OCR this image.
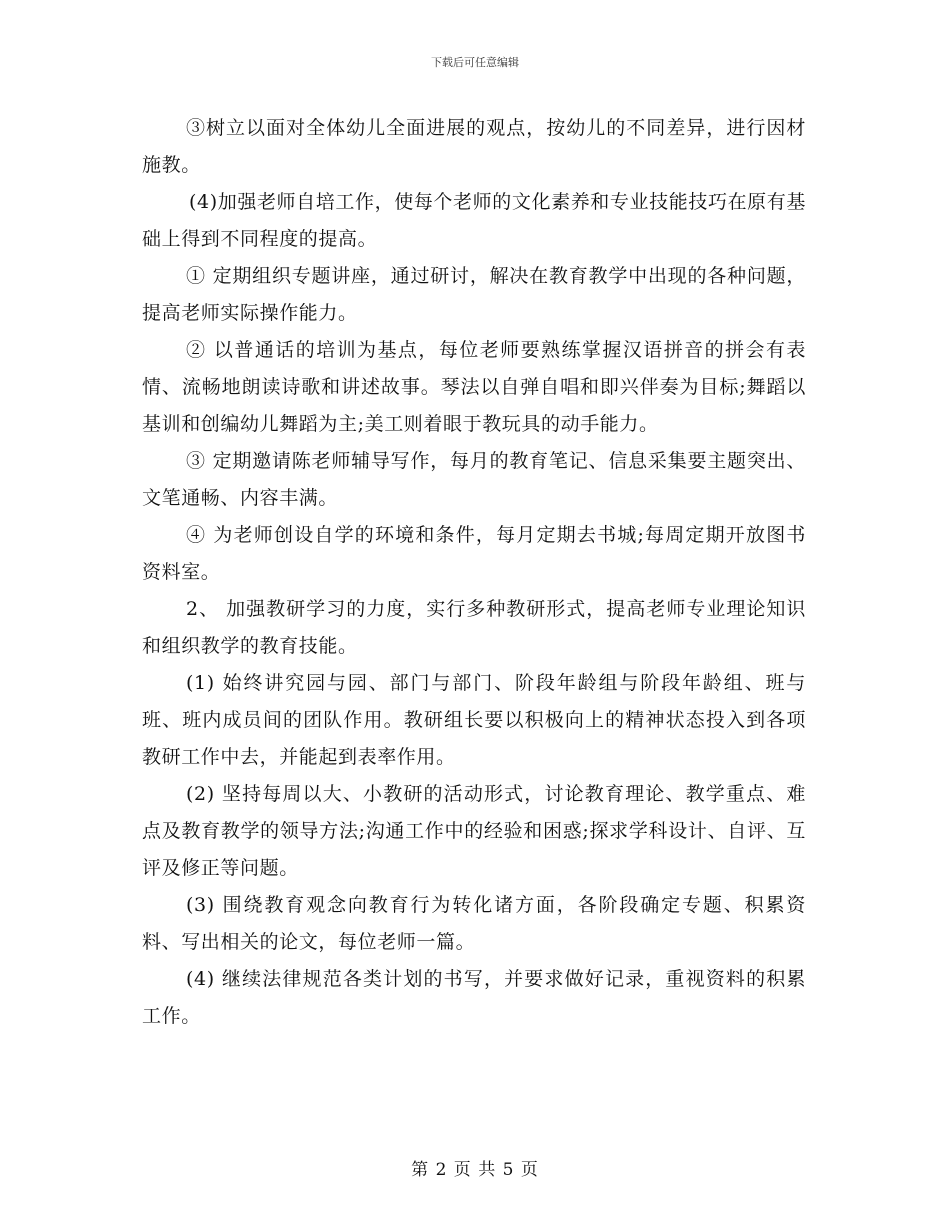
下载后可任意编辑

③树立以面对全体幼儿全面进展的观点，按幼儿的不同差异，进行因材施教。

(4)加强老师自培工作，使每个老师的文化素养和专业技能技巧在原有基础上得到不同程度的提高。

① 定期组织专题讲座，通过研讨，解决在教育教学中出现的各种问题，提高老师实际操作能力。

② 以普通话的培训为基点，每位老师要熟练掌握汉语拼音的拼会有表情、流畅地朗读诗歌和讲述故事。琴法以自弹自唱和即兴伴奏为目标;舞蹈以基训和创编幼儿舞蹈为主;美工则着眼于教玩具的动手能力。

③ 定期邀请陈老师辅导写作，每月的教育笔记、信息采集要主题突出、文笔通畅、内容丰满。

④ 为老师创设自学的环境和条件，每月定期去书城;每周定期开放图书资料室。

2、 加强教研学习的力度，实行多种教研形式，提高老师专业理论知识和组织教学的教育技能。

(1) 始终讲究园与园、部门与部门、阶段年龄组与阶段年龄组、班与班、班内成员间的团队作用。教研组长要以积极向上的精神状态投入到各项教研工作中去，并能起到表率作用。

(2) 坚持每周以大、小教研的活动形式，讨论教育理论、教学重点、难点及教育教学的领导方法;沟通工作中的经验和困惑;探求学科设计、自评、互评及修正等问题。

(3) 围绕教育观念向教育行为转化诸方面，各阶段确定专题、积累资料、写出相关的论文，每位老师一篇。

(4) 继续法律规范各类计划的书写，并要求做好记录，重视资料的积累工作。

第 2 页 共 5 页
